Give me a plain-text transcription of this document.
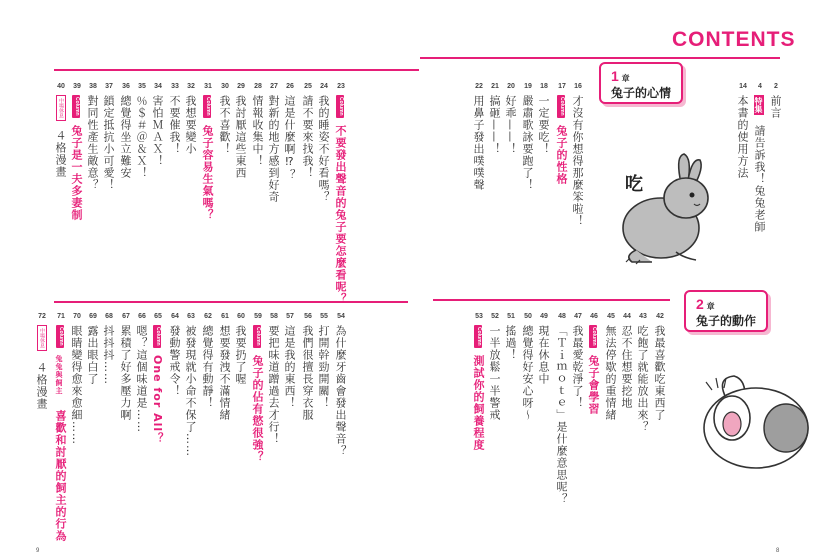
CONTENTS
1 章
兔子的心情
2 章
兔子的動作
吃
2
前言
4
特集
請告訴我！兔兔老師
14
本書的使用方法
16
才沒有你想得那麼笨啦！
17
Column
兔子的性格
18
一定要吃！
19
嚴肅歌詠要跑了！
20
好乖——！
21
搞砸——！
22
用鼻子發出噗噗聲
23
Column
不要發出聲音的兔子要怎麼看呢？
24
我的睡姿不好看嗎？
25
請不要來找我！
26
這是什麼啊⁉？
27
對新的地方感到好奇
28
情報收集中！
29
我討厭這些東西
30
我不喜歡！
31
Column
兔子容易生氣嗎？
32
我想要變小
33
不要催我！
34
害怕ＭＡＸ！
35
％＄＃＠＆Ｘ！
36
總覺得坐立難安
37
鎖定抵抗小可愛！
38
對同性產生敵意？
39
Column
兔子是一夫多妻制
40
中場休息
４格漫畫
42
我最喜歡吃東西了
43
吃飽了就能放出來？
44
忍不住想要挖地
45
無法停歇的重情緒
46
Column
兔子會學習
47
我最愛乾淨了！
48
「Ｔｉｍｏｔｅ」是什麼意思呢？
49
現在休息中
50
總覺得好安心呀～
51
搖過！
52
一半放鬆一半警戒
53
Column
測試你的飼養程度
54
為什麼牙齒會發出聲音？
55
打開幹勁開關！
56
我們很擅長穿衣服
57
這是我的東西！
58
要把味道蹭過去才行！
59
Column
兔子的佔有慾很強？
60
我要扔了喔
61
想要發洩不滿情緒
62
總覺得有動靜！
63
被發現就小命不保了……
64
發動警戒令！
65
Column
One for All？
66
嗯？這個味道是……
67
累積了好多壓力啊
68
抖抖抖……
69
露出眼白了
70
眼睛變得愈來愈細……
71
Column
兔兔與飼主
喜歡和討厭的飼主的行為
72
中場休息
４格漫畫
9	8
